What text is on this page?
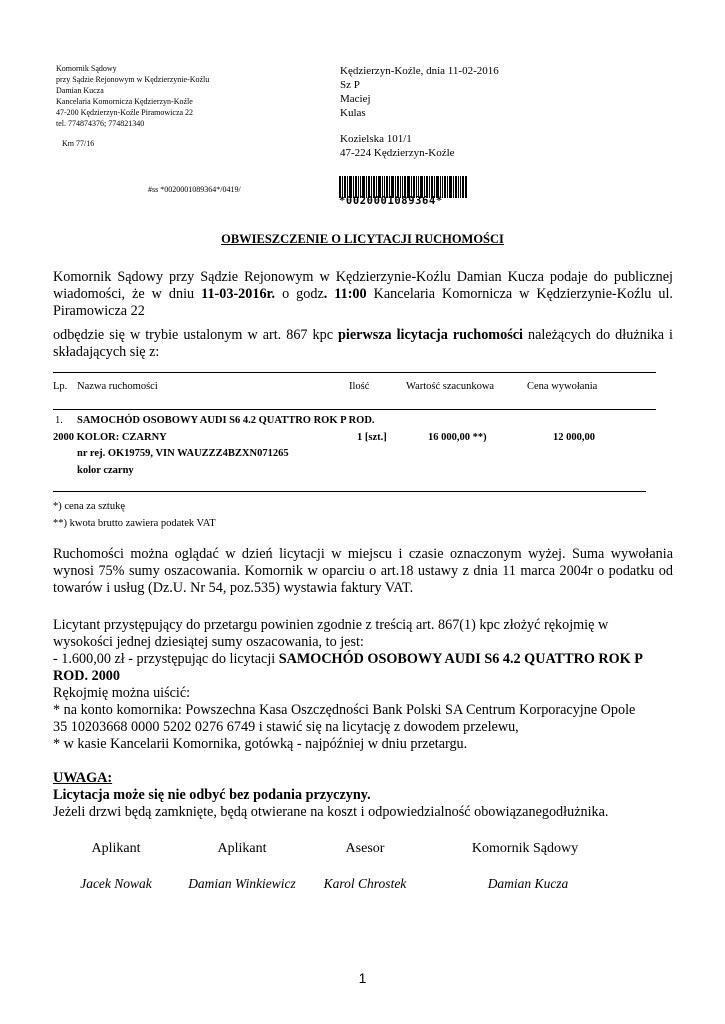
Komornik Sądowy
przy Sądzie Rejonowym w Kędzierzynie-Koźlu
Damian Kucza
Kancelaria Komornicza Kędzierzyn-Koźle
47-200 Kędzierzyn-Koźle Piramowicza 22
tel. 774874376; 774821340
Km 77/16
#ss *0020001089364*/0419/
Kędzierzyn-Koźle, dnia 11-02-2016
Sz P
Maciej
Kulas
Kozielska 101/1
47-224 Kędzierzyn-Koźle
*0020001089364*
OBWIESZCZENIE O LICYTACJI RUCHOMOŚCI
Komornik Sądowy przy Sądzie Rejonowym w Kędzierzynie-Koźlu Damian Kucza podaje do publicznej wiadomości, że w dniu 11-03-2016r. o godz. 11:00 Kancelaria Komornicza w Kędzierzynie-Koźlu ul. Piramowicza 22
odbędzie się w trybie ustalonym w art. 867 kpc pierwsza licytacja ruchomości należących do dłużnika i składających się z:
Lp. Nazwa ruchomości	Ilość	Wartość szacunkowa	Cena wywołania
1. SAMOCHÓD OSOBOWY AUDI S6 4.2 QUATTRO ROK P ROD.
2000 KOLOR: CZARNY	1 [szt.]	16 000,00 **)	12 000,00
nr rej. OK19759, VIN WAUZZZ4BZXN071265
kolor czarny
*) cena za sztukę
**) kwota brutto zawiera podatek VAT
Ruchomości można oglądać w dzień licytacji w miejscu i czasie oznaczonym wyżej. Suma wywołania wynosi 75% sumy oszacowania. Komornik w oparciu o art.18 ustawy z dnia 11 marca 2004r o podatku od towarów i usług (Dz.U. Nr 54, poz.535) wystawia faktury VAT.
Licytant przystępujący do przetargu powinien zgodnie z treścią art. 867(1) kpc złożyć rękojmię w
wysokości jednej dziesiątej sumy oszacowania, to jest:
- 1.600,00 zł - przystępując do licytacji SAMOCHÓD OSOBOWY AUDI S6 4.2 QUATTRO ROK P
ROD. 2000
Rękojmię można uiścić:
* na konto komornika: Powszechna Kasa Oszczędności Bank Polski SA Centrum Korporacyjne Opole
35 10203668 0000 5202 0276 6749 i stawić się na licytację z dowodem przelewu,
* w kasie Kancelarii Komornika, gotówką - najpóźniej w dniu przetargu.
UWAGA:
Licytacja może się nie odbyć bez podania przyczyny.
Jeżeli drzwi będą zamknięte, będą otwierane na koszt i odpowiedzialność obowiązanegodłużnika.
Aplikant	Aplikant	Asesor	Komornik Sądowy
Jacek Nowak	Damian Winkiewicz	Karol Chrostek	Damian Kucza
1
